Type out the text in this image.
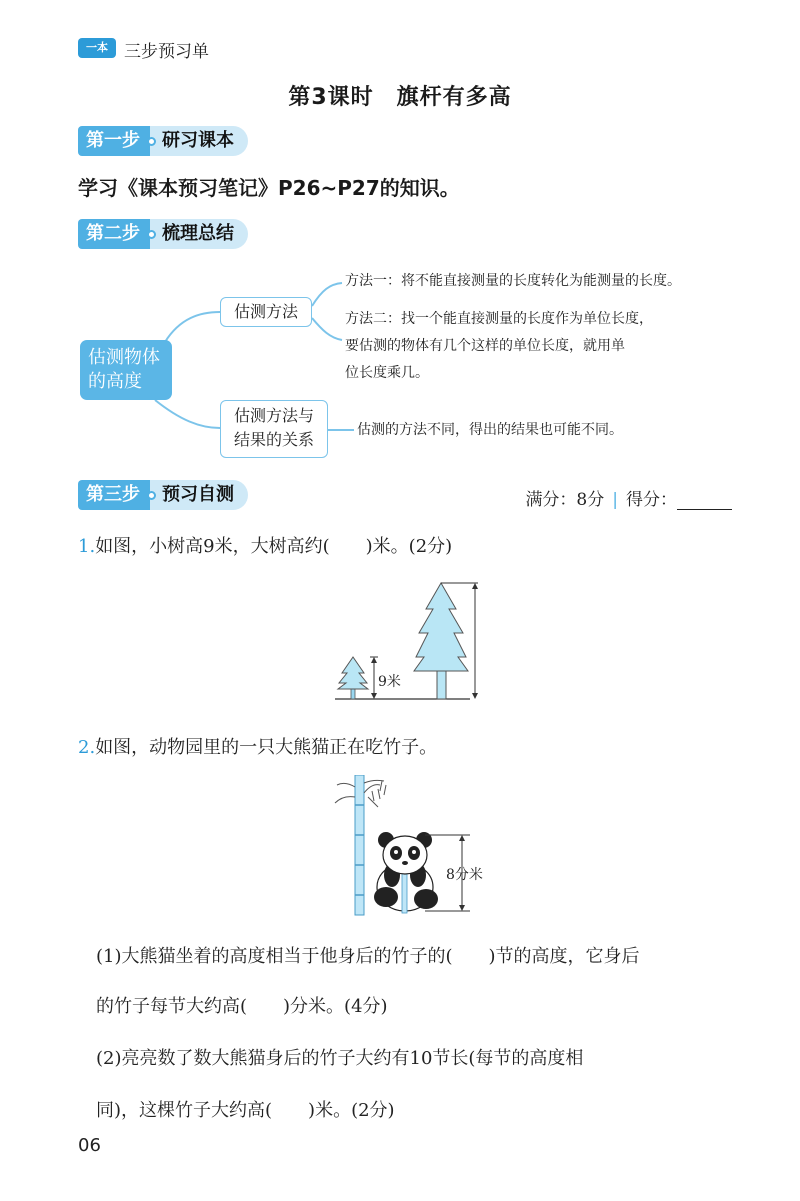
一本 三步预习单
第3课时　旗杆有多高
第一步	研习课本
学习《课本预习笔记》P26~P27的知识。
第二步	梳理总结
估测物体
的高度
估测方法
估测方法与
结果的关系
方法一：将不能直接测量的长度转化为能测量的长度。
方法二：找一个能直接测量的长度作为单位长度，
要估测的物体有几个这样的单位长度，就用单
位长度乘几。
估测的方法不同，得出的结果也可能不同。
第三步	预习自测	满分：8分 | 得分：
1.如图，小树高9米，大树高约(　　)米。(2分)
9米
2.如图，动物园里的一只大熊猫正在吃竹子。
8分米
(1)大熊猫坐着的高度相当于他身后的竹子的(　　)节的高度，它身后
的竹子每节大约高(　　)分米。(4分)
(2)亮亮数了数大熊猫身后的竹子大约有10节长(每节的高度相
同)，这棵竹子大约高(　　)米。(2分)
06
